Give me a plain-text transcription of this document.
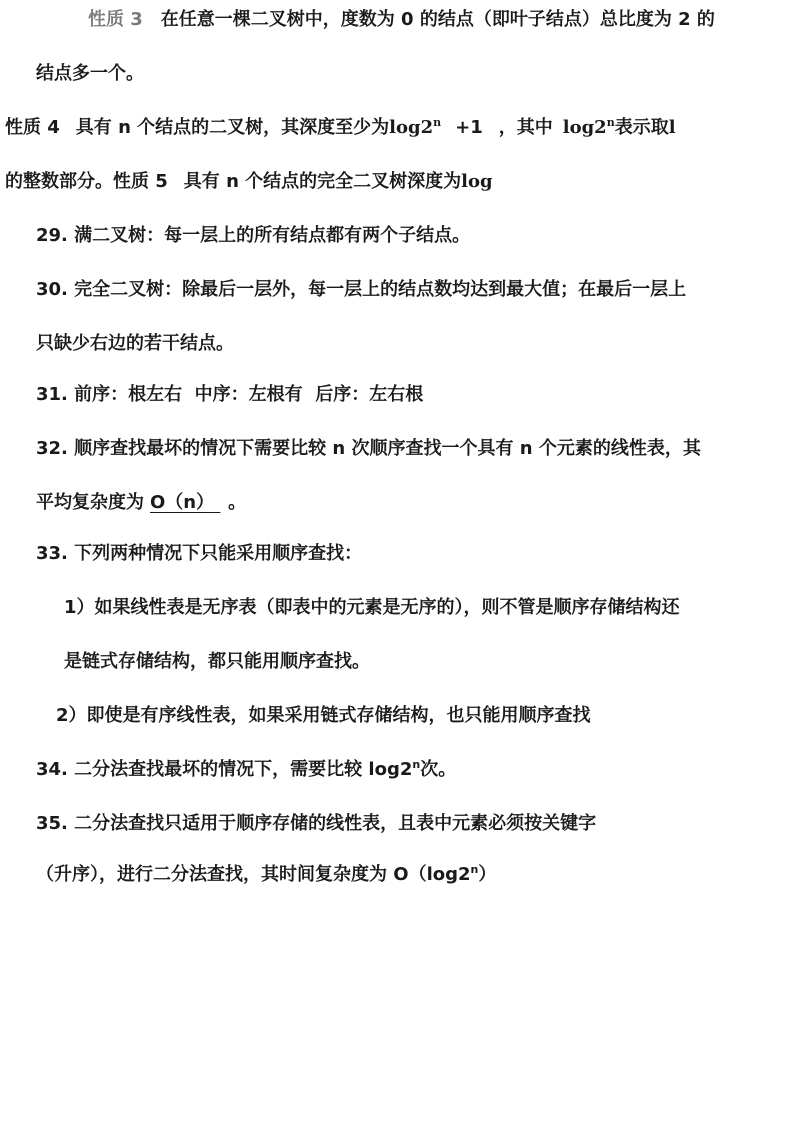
性质 3 在任意一棵二叉树中，度数为 0 的结点（即叶子结点）总比度为 2 的
结点多一个。
性质 4 具有 n 个结点的二叉树，其深度至少为$\log 2^n +1$ ，其中 log2$^n$表示取l
的整数部分。性质 5 具有 n 个结点的完全二叉树深度为log
29. 满二叉树：每一层上的所有结点都有两个子结点。
30. 完全二叉树：除最后一层外，每一层上的结点数均达到最大值；在最后一层上
只缺少右边的若干结点。
31. 前序：根左右  中序：左根有  后序：左右根
32. 顺序查找最坏的情况下需要比较 n 次顺序查找一个具有 n 个元素的线性表，其
平均复杂度为 O（n） 。
33. 下列两种情况下只能采用顺序查找：
1）如果线性表是无序表（即表中的元素是无序的），则不管是顺序存储结构还
是链式存储结构，都只能用顺序查找。
2）即使是有序线性表，如果采用链式存储结构，也只能用顺序查找
34. 二分法查找最坏的情况下，需要比较 log2$^n$次。
35. 二分法查找只适用于顺序存储的线性表，且表中元素必须按关键字
（升序），进行二分法查找，其时间复杂度为 O（log2$^n$）
